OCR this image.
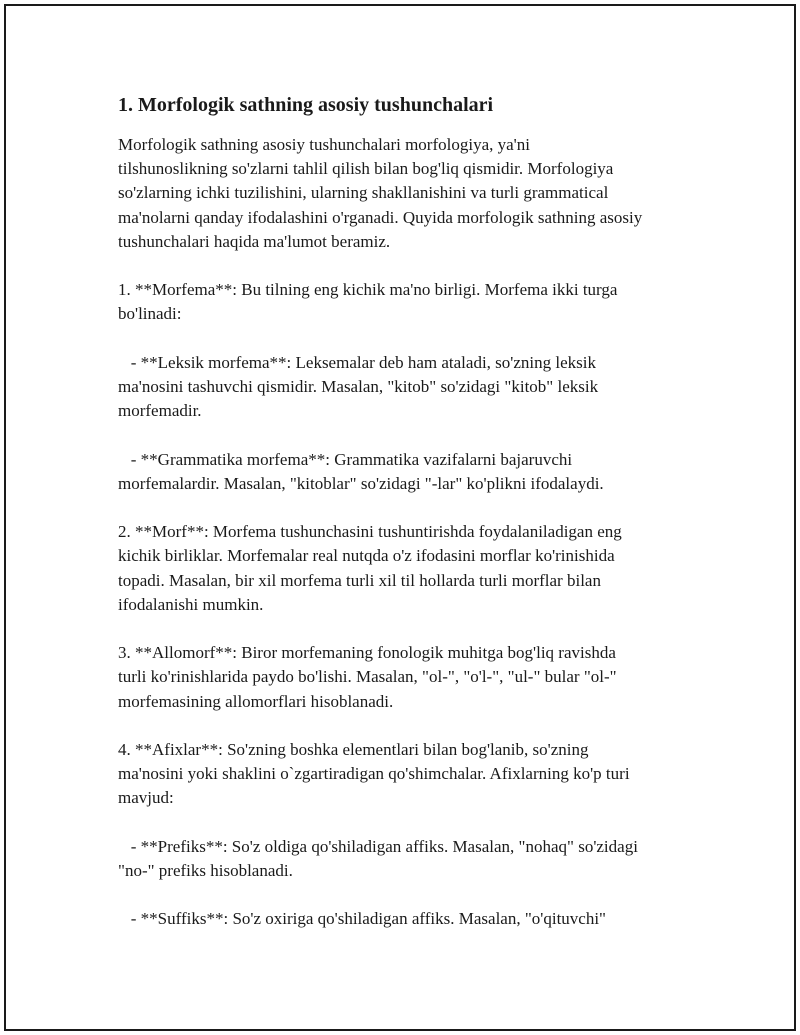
1. Morfologik sathning asosiy tushunchalari

Morfologik sathning asosiy tushunchalari morfologiya, ya'ni
tilshunoslikning so'zlarni tahlil qilish bilan bog'liq qismidir. Morfologiya
so'zlarning ichki tuzilishini, ularning shakllanishini va turli grammatical
ma'nolarni qanday ifodalashini o'rganadi. Quyida morfologik sathning asosiy
tushunchalari haqida ma'lumot beramiz.

1. **Morfema**: Bu tilning eng kichik ma'no birligi. Morfema ikki turga
bo'linadi:

- **Leksik morfema**: Leksemalar deb ham ataladi, so'zning leksik
ma'nosini tashuvchi qismidir. Masalan, "kitob" so'zidagi "kitob" leksik
morfemadir.

- **Grammatika morfema**: Grammatika vazifalarni bajaruvchi
morfemalardir. Masalan, "kitoblar" so'zidagi "-lar" ko'plikni ifodalaydi.

2. **Morf**: Morfema tushunchasini tushuntirishda foydalaniladigan eng
kichik birliklar. Morfemalar real nutqda o'z ifodasini morflar ko'rinishida
topadi. Masalan, bir xil morfema turli xil til hollarda turli morflar bilan
ifodalanishi mumkin.

3. **Allomorf**: Biror morfemaning fonologik muhitga bog'liq ravishda
turli ko'rinishlarida paydo bo'lishi. Masalan, "ol-", "o'l-", "ul-" bular "ol-"
morfemasining allomorflari hisoblanadi.

4. **Afixlar**: So'zning boshka elementlari bilan bog'lanib, so'zning
ma'nosini yoki shaklini o`zgartiradigan qo'shimchalar. Afixlarning ko'p turi
mavjud:

- **Prefiks**: So'z oldiga qo'shiladigan affiks. Masalan, "nohaq" so'zidagi
"no-" prefiks hisoblanadi.

- **Suffiks**: So'z oxiriga qo'shiladigan affiks. Masalan, "o'qituvchi"
